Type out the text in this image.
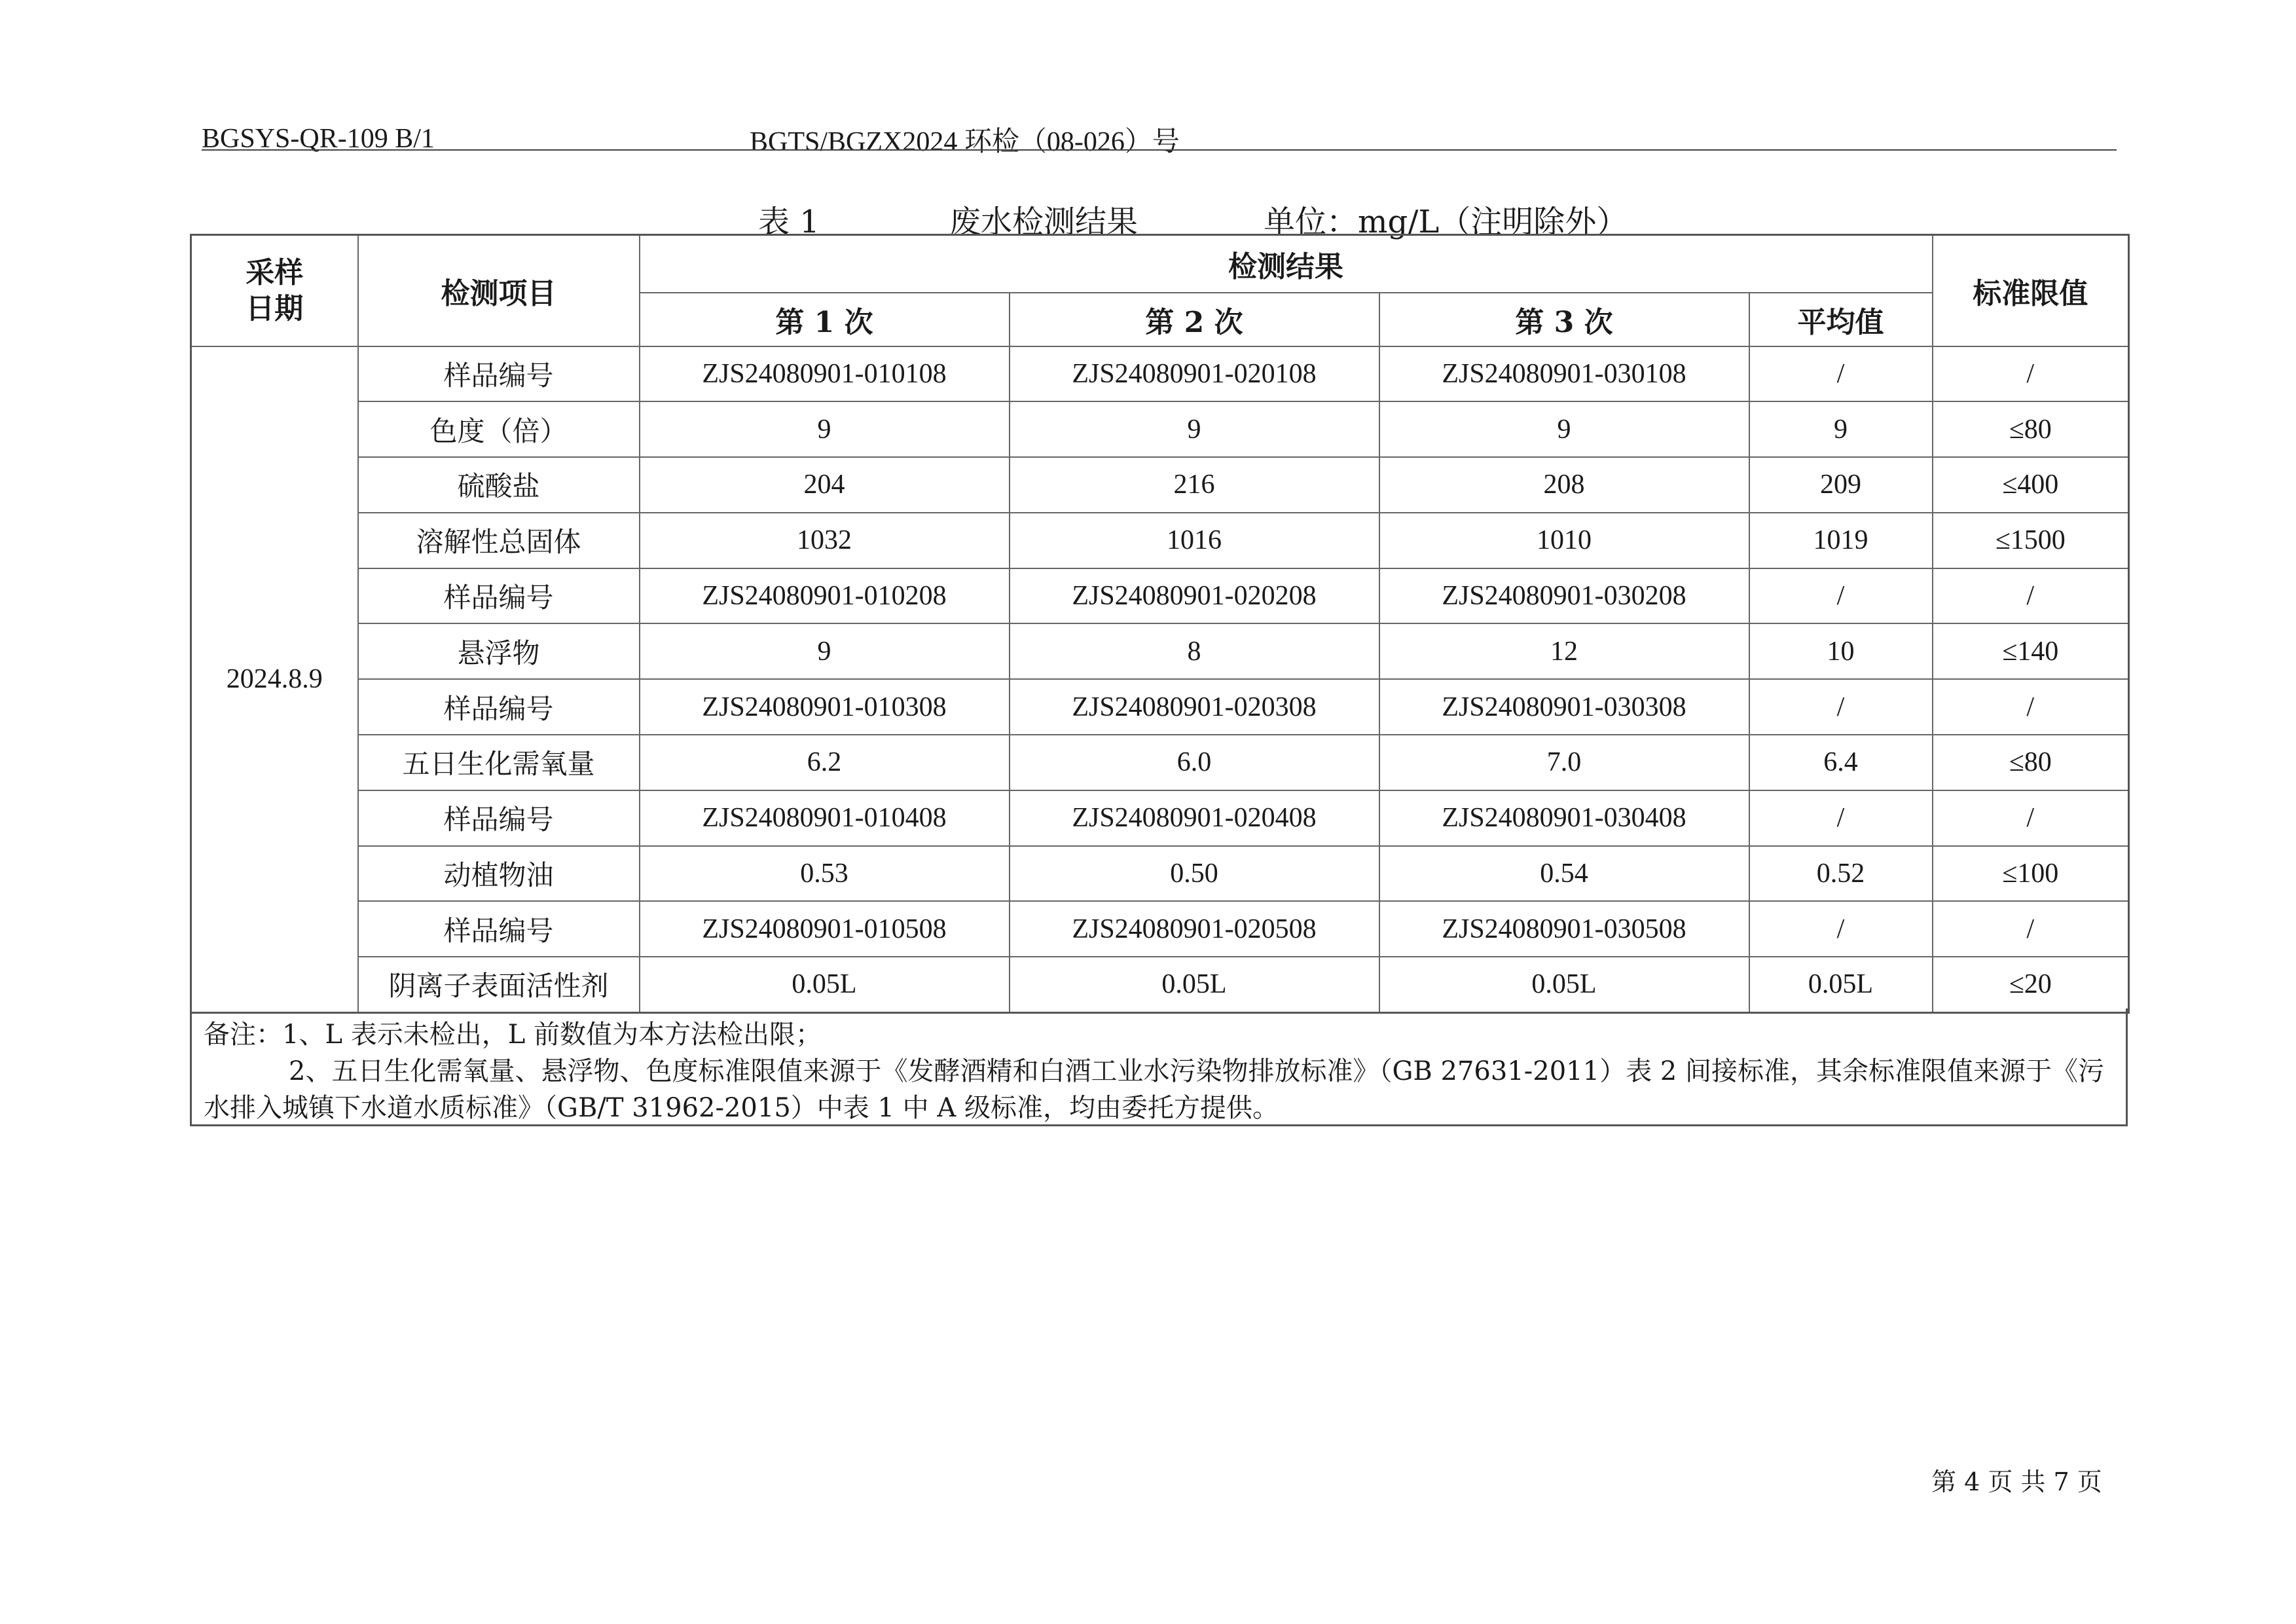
BGSYS-QR-109 B/1	BGTS/BGZX2024 环检（08-026）号
表 1	废水检测结果	单位：mg/L（注明除外）
采样
日期	检测项目	检测结果				标准限值
		第 1 次	第 2 次	第 3 次	平均值	
2024.8.9	样品编号	ZJS24080901-010108	ZJS24080901-020108	ZJS24080901-030108	/	/
	色度（倍）	9	9	9	9	≤80
	硫酸盐	204	216	208	209	≤400
	溶解性总固体	1032	1016	1010	1019	≤1500
	样品编号	ZJS24080901-010208	ZJS24080901-020208	ZJS24080901-030208	/	/
	悬浮物	9	8	12	10	≤140
	样品编号	ZJS24080901-010308	ZJS24080901-020308	ZJS24080901-030308	/	/
	五日生化需氧量	6.2	6.0	7.0	6.4	≤80
	样品编号	ZJS24080901-010408	ZJS24080901-020408	ZJS24080901-030408	/	/
	动植物油	0.53	0.50	0.54	0.52	≤100
	样品编号	ZJS24080901-010508	ZJS24080901-020508	ZJS24080901-030508	/	/
	阴离子表面活性剂	0.05L	0.05L	0.05L	0.05L	≤20

备注：1、L 表示未检出，L 前数值为本方法检出限；

2、五日生化需氧量、悬浮物、色度标准限值来源于《发酵酒精和白酒工业水污染物排放标准》（GB 27631-2011）表 2 间接标准，其余标准限值来源于《污水排入城镇下水道水质标准》（GB/T 31962-2015）中表 1 中 A 级标准，均由委托方提供。

第 4 页 共 7 页
